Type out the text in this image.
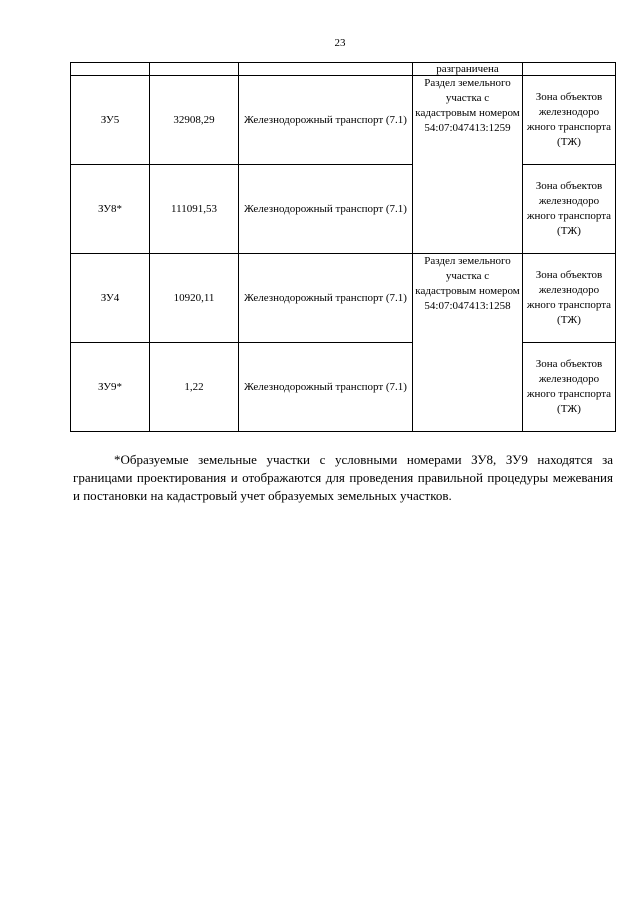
23
			разграничена	
ЗУ5	32908,29	Железнодорожный транспорт (7.1)	Раздел земельного участка с кадастровым номером 54:07:047413:1259	Зона объектов железнодоро жного транспорта (ТЖ)
ЗУ8*	111091,53	Железнодорожный транспорт (7.1)		Зона объектов железнодоро жного транспорта (ТЖ)
ЗУ4	10920,11	Железнодорожный транспорт (7.1)	Раздел земельного участка с кадастровым номером 54:07:047413:1258	Зона объектов железнодоро жного транспорта (ТЖ)
ЗУ9*	1,22	Железнодорожный транспорт (7.1)		Зона объектов железнодоро жного транспорта (ТЖ)

*Образуемые земельные участки с условными номерами ЗУ8, ЗУ9 находятся за границами проектирования и отображаются для проведения правильной процедуры межевания и постановки на кадастровый учет образуемых земельных участков.
